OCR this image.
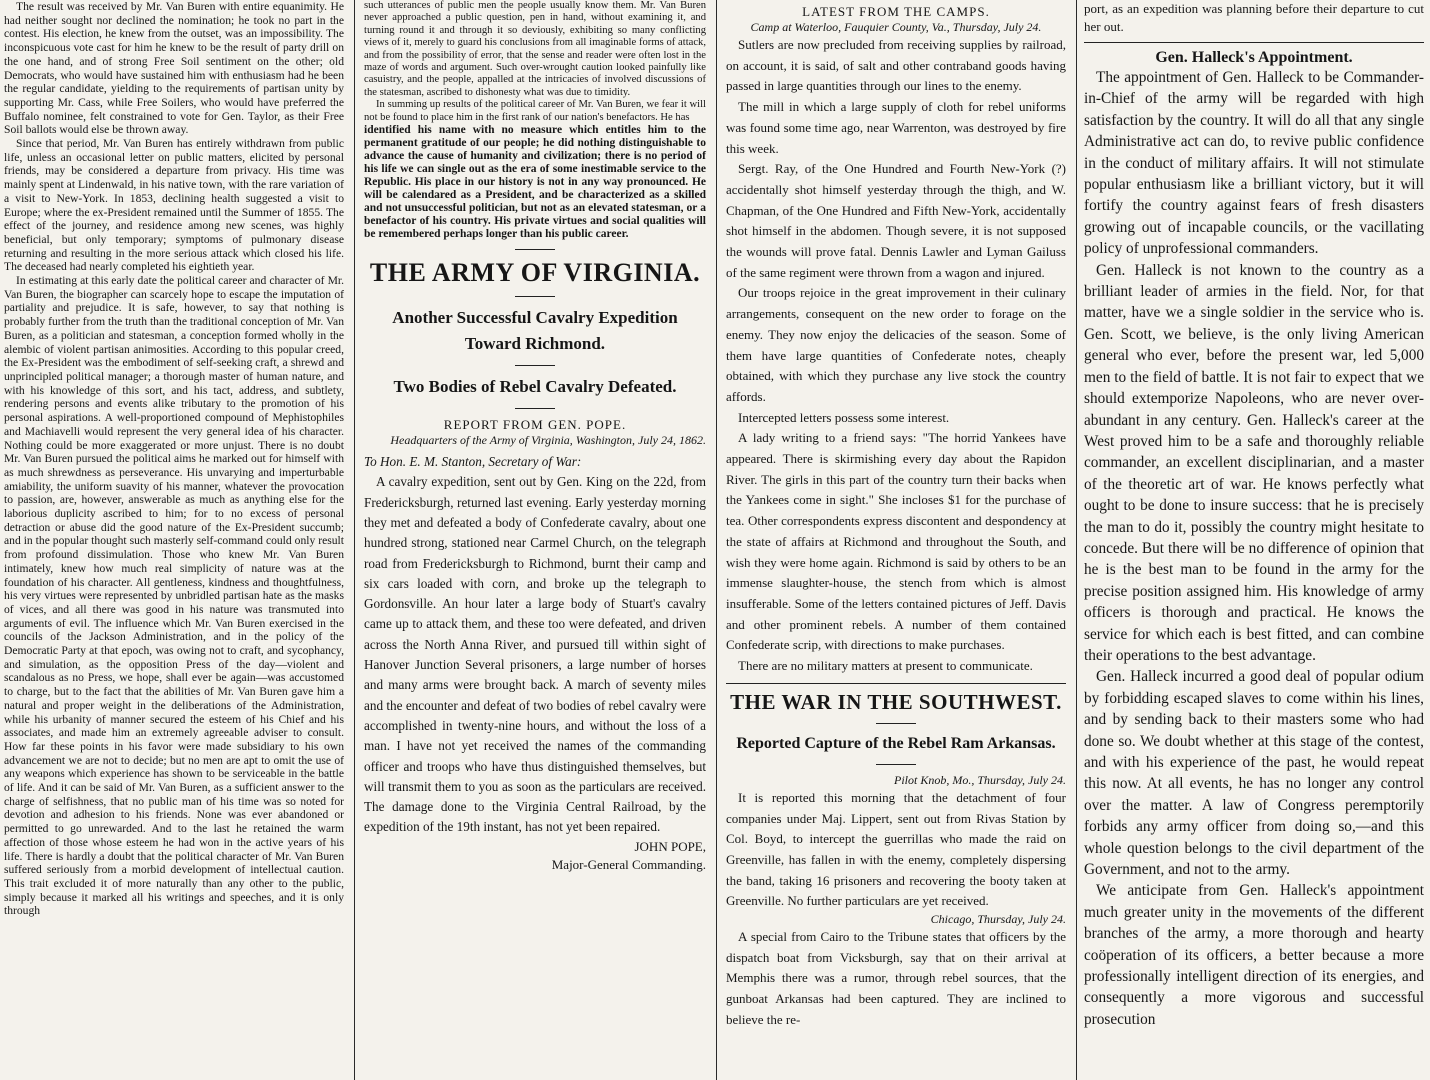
The result was received by Mr. Van Buren with entire equanimity. He had neither sought nor declined the nomination; he took no part in the contest. His election, he knew from the outset, was an impossibility. The inconspicuous vote cast for him he knew to be the result of party drill on the one hand, and of strong Free Soil sentiment on the other; old Democrats, who would have sustained him with enthusiasm had he been the regular candidate, yielding to the requirements of partisan unity by supporting Mr. Cass, while Free Soilers, who would have preferred the Buffalo nominee, felt constrained to vote for Gen. Taylor, as their Free Soil ballots would else be thrown away.

Since that period, Mr. Van Buren has entirely withdrawn from public life, unless an occasional letter on public matters, elicited by personal friends, may be considered a departure from privacy. His time was mainly spent at Lindenwald, in his native town, with the rare variation of a visit to New-York. In 1853, declining health suggested a visit to Europe; where the ex-President remained until the Summer of 1855. The effect of the journey, and residence among new scenes, was highly beneficial, but only temporary; symptoms of pulmonary disease returning and resulting in the more serious attack which closed his life. The deceased had nearly completed his eightieth year.

In estimating at this early date the political career and character of Mr. Van Buren, the biographer can scarcely hope to escape the imputation of partiality and prejudice. It is safe, however, to say that nothing is probably further from the truth than the traditional conception of Mr. Van Buren, as a politician and statesman, a conception formed wholly in the alembic of violent partisan animosities. According to this popular creed, the Ex-President was the embodiment of self-seeking craft, a shrewd and unprincipled political manager; a thorough master of human nature, and with his knowledge of this sort, and his tact, address, and subtlety, rendering persons and events alike tributary to the promotion of his personal aspirations. A well-proportioned compound of Mephistophiles and Machiavelli would represent the very general idea of his character. Nothing could be more exaggerated or more unjust. There is no doubt Mr. Van Buren pursued the political aims he marked out for himself with as much shrewdness as perseverance. His unvarying and imperturbable amiability, the uniform suavity of his manner, whatever the provocation to passion, are, however, answerable as much as anything else for the laborious duplicity ascribed to him; for to no excess of personal detraction or abuse did the good nature of the Ex-President succumb; and in the popular thought such masterly self-command could only result from profound dissimulation. Those who knew Mr. Van Buren intimately, knew how much real simplicity of nature was at the foundation of his character. All gentleness, kindness and thoughtfulness, his very virtues were represented by unbridled partisan hate as the masks of vices, and all there was good in his nature was transmuted into arguments of evil. The influence which Mr. Van Buren exercised in the councils of the Jackson Administration, and in the policy of the Democratic Party at that epoch, was owing not to craft, and sycophancy, and simulation, as the opposition Press of the day—violent and scandalous as no Press, we hope, shall ever be again—was accustomed to charge, but to the fact that the abilities of Mr. Van Buren gave him a natural and proper weight in the deliberations of the Administration, while his urbanity of manner secured the esteem of his Chief and his associates, and made him an extremely agreeable adviser to consult. How far these points in his favor were made subsidiary to his own advancement we are not to decide; but no men are apt to omit the use of any weapons which experience has shown to be serviceable in the battle of life. And it can be said of Mr. Van Buren, as a sufficient answer to the charge of selfishness, that no public man of his time was so noted for devotion and adhesion to his friends. None was ever abandoned or permitted to go unrewarded. And to the last he retained the warm affection of those whose esteem he had won in the active years of his life. There is hardly a doubt that the political character of Mr. Van Buren suffered seriously from a morbid development of intellectual caution. This trait excluded it of more naturally than any other to the public, simply because it marked all his writings and speeches, and it is only through

such utterances of public men the people usually know them. Mr. Van Buren never approached a public question, pen in hand, without examining it, and turning round it and through it so deviously, exhibiting so many conflicting views of it, merely to guard his conclusions from all imaginable forms of attack, and from the possibility of error, that the sense and reader were often lost in the maze of words and argument. Such over-wrought caution looked painfully like casuistry, and the people, appalled at the intricacies of involved discussions of the statesman, ascribed to dishonesty what was due to timidity.

In summing up results of the political career of Mr. Van Buren, we fear it will not be found to place him in the first rank of our nation's benefactors. He has

identified his name with no measure which entitles him to the permanent gratitude of our people; he did nothing distinguishable to advance the cause of humanity and civilization; there is no period of his life we can single out as the era of some inestimable service to the Republic. His place in our history is not in any way pronounced. He will be calendared as a President, and be characterized as a skilled and not unsuccessful politician, but not as an elevated statesman, or a benefactor of his country. His private virtues and social qualities will be remembered perhaps longer than his public career.

THE ARMY OF VIRGINIA.
Another Successful Cavalry Expedition Toward Richmond.
Two Bodies of Rebel Cavalry Defeated.
REPORT FROM GEN. POPE.
Headquarters of the Army of Virginia, Washington, July 24, 1862.

To Hon. E. M. Stanton, Secretary of War:

A cavalry expedition, sent out by Gen. King on the 22d, from Fredericksburgh, returned last evening. Early yesterday morning they met and defeated a body of Confederate cavalry, about one hundred strong, stationed near Carmel Church, on the telegraph road from Fredericksburgh to Richmond, burnt their camp and six cars loaded with corn, and broke up the telegraph to Gordonsville. An hour later a large body of Stuart's cavalry came up to attack them, and these too were defeated, and driven across the North Anna River, and pursued till within sight of Hanover Junction Several prisoners, a large number of horses and many arms were brought back. A march of seventy miles and the encounter and defeat of two bodies of rebel cavalry were accomplished in twenty-nine hours, and without the loss of a man. I have not yet received the names of the commanding officer and troops who have thus distinguished themselves, but will transmit them to you as soon as the particulars are received. The damage done to the Virginia Central Railroad, by the expedition of the 19th instant, has not yet been repaired.

JOHN POPE,
Major-General Commanding.
LATEST FROM THE CAMPS.
Camp at Waterloo, Fauquier County, Va., Thursday, July 24.

Sutlers are now precluded from receiving supplies by railroad, on account, it is said, of salt and other contraband goods having passed in large quantities through our lines to the enemy.

The mill in which a large supply of cloth for rebel uniforms was found some time ago, near Warrenton, was destroyed by fire this week.

Sergt. Ray, of the One Hundred and Fourth New-York (?) accidentally shot himself yesterday through the thigh, and W. Chapman, of the One Hundred and Fifth New-York, accidentally shot himself in the abdomen. Though severe, it is not supposed the wounds will prove fatal. Dennis Lawler and Lyman Gailuss of the same regiment were thrown from a wagon and injured.

Our troops rejoice in the great improvement in their culinary arrangements, consequent on the new order to forage on the enemy. They now enjoy the delicacies of the season. Some of them have large quantities of Confederate notes, cheaply obtained, with which they purchase any live stock the country affords.

Intercepted letters possess some interest.

A lady writing to a friend says: "The horrid Yankees have appeared. There is skirmishing every day about the Rapidon River. The girls in this part of the country turn their backs when the Yankees come in sight." She incloses $1 for the purchase of tea. Other correspondents express discontent and despondency at the state of affairs at Richmond and throughout the South, and wish they were home again. Richmond is said by others to be an immense slaughter-house, the stench from which is almost insufferable. Some of the letters contained pictures of Jeff. Davis and other prominent rebels. A number of them contained Confederate scrip, with directions to make purchases.

There are no military matters at present to communicate.

THE WAR IN THE SOUTHWEST.
Reported Capture of the Rebel Ram Arkansas.
Pilot Knob, Mo., Thursday, July 24.

It is reported this morning that the detachment of four companies under Maj. Lippert, sent out from Rivas Station by Col. Boyd, to intercept the guerrillas who made the raid on Greenville, has fallen in with the enemy, completely dispersing the band, taking 16 prisoners and recovering the booty taken at Greenville. No further particulars are yet received.

Chicago, Thursday, July 24.

A special from Cairo to the Tribune states that officers by the dispatch boat from Vicksburgh, say that on their arrival at Memphis there was a rumor, through rebel sources, that the gunboat Arkansas had been captured. They are inclined to believe the re-

port, as an expedition was planning before their departure to cut her out.

Gen. Halleck's Appointment.

The appointment of Gen. Halleck to be Commander-in-Chief of the army will be regarded with high satisfaction by the country. It will do all that any single Administrative act can do, to revive public confidence in the conduct of military affairs. It will not stimulate popular enthusiasm like a brilliant victory, but it will fortify the country against fears of fresh disasters growing out of incapable councils, or the vacillating policy of unprofessional commanders.

Gen. Halleck is not known to the country as a brilliant leader of armies in the field. Nor, for that matter, have we a single soldier in the service who is. Gen. Scott, we believe, is the only living American general who ever, before the present war, led 5,000 men to the field of battle. It is not fair to expect that we should extemporize Napoleons, who are never over-abundant in any century. Gen. Halleck's career at the West proved him to be a safe and thoroughly reliable commander, an excellent disciplinarian, and a master of the theoretic art of war. He knows perfectly what ought to be done to insure success: that he is precisely the man to do it, possibly the country might hesitate to concede. But there will be no difference of opinion that he is the best man to be found in the army for the precise position assigned him. His knowledge of army officers is thorough and practical. He knows the service for which each is best fitted, and can combine their operations to the best advantage.

Gen. Halleck incurred a good deal of popular odium by forbidding escaped slaves to come within his lines, and by sending back to their masters some who had done so. We doubt whether at this stage of the contest, and with his experience of the past, he would repeat this now. At all events, he has no longer any control over the matter. A law of Congress peremptorily forbids any army officer from doing so,—and this whole question belongs to the civil department of the Government, and not to the army.

We anticipate from Gen. Halleck's appointment much greater unity in the movements of the different branches of the army, a more thorough and hearty coöperation of its officers, a better because a more professionally intelligent direction of its energies, and consequently a more vigorous and successful prosecution
